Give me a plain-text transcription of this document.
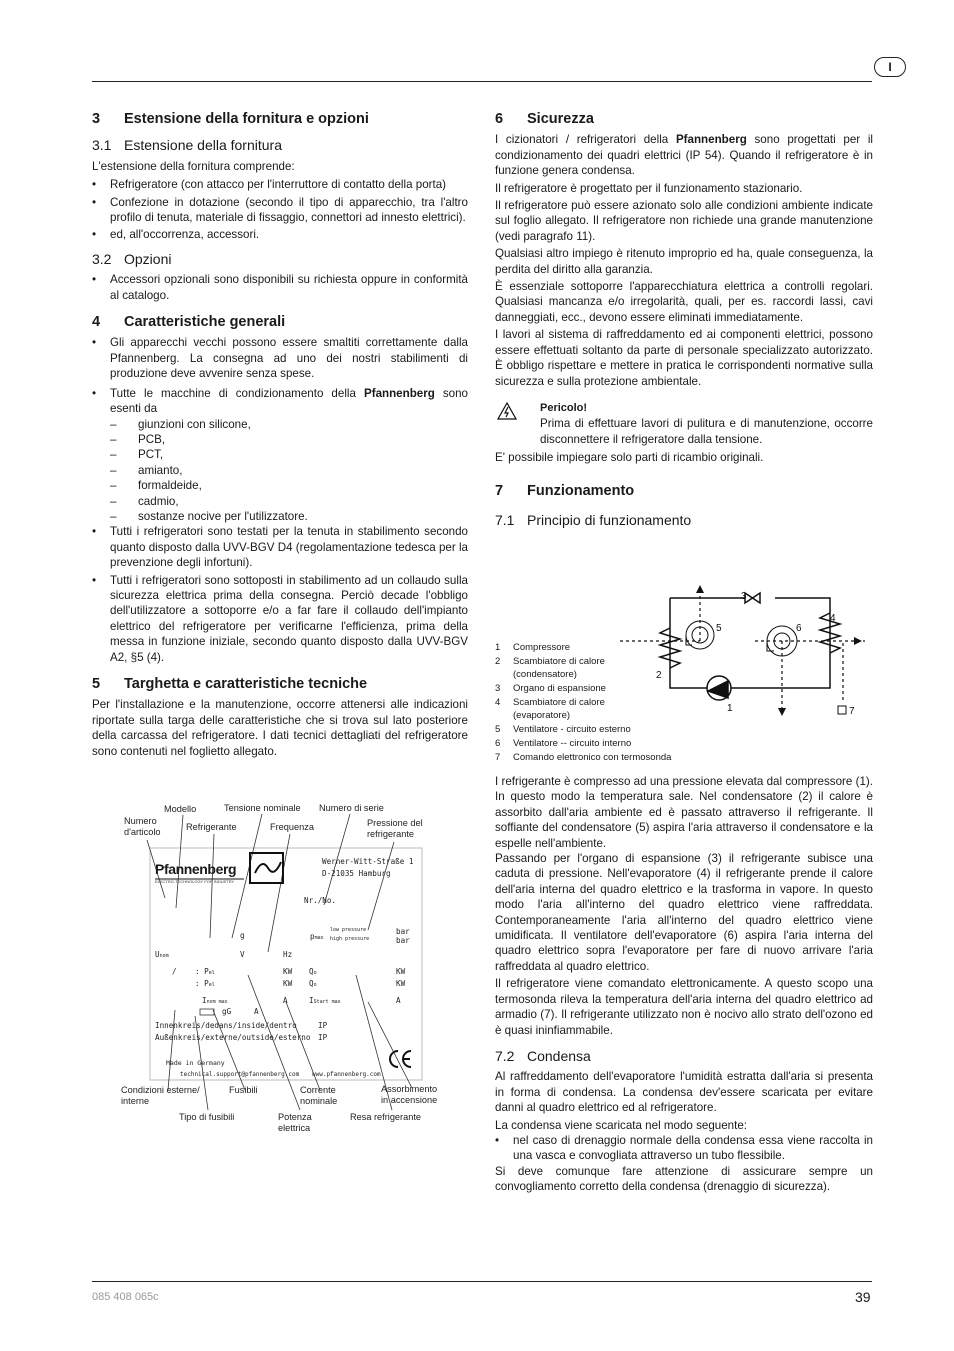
I

3 Estensione della fornitura e opzioni

3.1 Estensione della fornitura

L'estensione della fornitura comprende:

• Refrigeratore (con attacco per l'interruttore di contatto della porta)
• Confezione in dotazione (secondo il tipo di apparecchio, tra l'altro profilo di tenuta, materiale di fissaggio, connettori ad innesto elettrici).
• ed, all'occorrenza, accessori.

3.2 Opzioni

• Accessori opzionali sono disponibili su richiesta oppure in conformità al catalogo.

4 Caratteristiche generali

• Gli apparecchi vecchi possono essere smaltiti correttamente dalla Pfannenberg. La consegna ad uno dei nostri stabilimenti di produzione deve avvenire senza spese.
• Tutte le macchine di condizionamento della Pfannenberg sono esenti da
– giunzioni con silicone,
– PCB,
– PCT,
– amianto,
– formaldeide,
– cadmio,
– sostanze nocive per l'utilizzatore.
• Tutti i refrigeratori sono testati per la tenuta in stabilimento secondo quanto disposto dalla UVV-BGV D4 (regolamentazione tedesca per la prevenzione degli infortuni).
• Tutti i refrigeratori sono sottoposti in stabilimento ad un collaudo sulla sicurezza elettrica prima della consegna. Perciò decade l'obbligo dell'utilizzatore a sottoporre e/o a far fare il collaudo dell'impianto elettrico del refrigeratore per verificarne l'efficienza, prima della messa in funzione iniziale, secondo quanto disposto dalla UVV-BGV A2, §5 (4).

5 Targhetta e caratteristiche tecniche

Per l'installazione e la manutenzione, occorre attenersi alle indicazioni riportate sulla targa delle caratteristiche che si trova sul lato posteriore della carcassa del refrigeratore. I dati tecnici dettagliati del refrigeratore sono contenuti nel foglietto allegato.

Modello	Tensione nominale Numero di serie
Numero
d'articolo	Refrigerante	Frequenza	Pressione del
refrigerante
Pfannenberg
ELECTRO-TECHNOLOGY FOR INDUSTRY
Werner-Witt-Straße 1
D-21035 Hamburg
Nr./No.
g	pmax
low pressure
high pressure
bar
bar
Unom	V	Hz
/ : Pel
: Pel
KW
KW
Qo
Qo
KW
KW
Inom max	A	IStart max	A
gG	A
Innenkreis/dedans/inside/dentro	IP
Außenkreis/externe/outside/esterno IP
Made in Germany
technical.support@pfannenberg.com www.pfannenberg.com
Condizioni esterne/
interne
Fusibili	Corrente
nominale
Assorbimento
in accensione
Tipo di fusibili	Potenza
elettrica
Resa refrigerante

6 Sicurezza

I cizionatori / refrigeratori della Pfannenberg sono progettati per il condizionamento dei quadri elettrici (IP 54). Quando il refrigeratore è in funzione genera condensa.

Il refrigeratore è progettato per il funzionamento stazionario.

Il refrigeratore può essere azionato solo alle condizioni ambiente indicate sul foglio allegato. Il refrigeratore non richiede una grande manutenzione (vedi paragrafo 11).

Qualsiasi altro impiego è ritenuto improprio ed ha, quale conseguenza, la perdita del diritto alla garanzia.

È essenziale sottoporre l'apparecchiatura elettrica a controlli regolari. Qualsiasi mancanza e/o irregolarità, quali, per es. raccordi lassi, cavi danneggiati, ecc., devono essere eliminati immediatamente.

I lavori al sistema di raffreddamento ed ai componenti elettrici, possono essere effettuati soltanto da parte di personale specializzato autorizzato. È obbligo rispettare e mettere in pratica le corrispondenti normative sulla sicurezza e sulla protezione ambientale.

Pericolo!

Prima di effettuare lavori di pulitura e di manutenzione, occorre disconnettere il refrigeratore dalla tensione.

E' possibile impiegare solo parti di ricambio originali.

7 Funzionamento

7.1 Principio di funzionamento

1
2
3
4
5	6
7
1	Compressore
2	Scambiatore di calore
(condensatore)
3	Organo di espansione
4	Scambiatore di calore
(evaporatore)
5	Ventilatore - circuito esterno
6	Ventilatore -- circuito interno
7	Comando elettronico con termosonda

I refrigerante è compresso ad una pressione elevata dal compressore (1). In questo modo la temperatura sale. Nel condensatore (2) il calore è assorbito dall'aria ambiente ed è passato attraverso il refrigerante. Il soffiante del condensatore (5) aspira l'aria attraverso il condensatore e la espelle nell'ambiente.

Passando per l'organo di espansione (3) il refrigerante subisce una caduta di pressione. Nell'evaporatore (4) il refrigerante prende il calore dell'aria interna del quadro elettrico e la trasforma in vapore. In questo modo l'aria all'interno del quadro elettrico viene raffreddata. Contemporaneamente l'aria all'interno del quadro elettrico viene umidificata. Il ventilatore dell'evaporatore (6) aspira l'aria interna del quadro elettrico sopra l'evaporatore per fare di nuovo arrivare l'aria raffreddata al quadro elettrico.

Il refrigeratore viene comandato elettronicamente. A questo scopo una termosonda rileva la temperatura dell'aria interna del quadro elettrico ad armadio (7). Il refrigerante utilizzato non è nocivo allo strato dell'ozono ed è quasi ininfiammabile.

7.2 Condensa

Al raffreddamento dell'evaporatore l'umidità estratta dall'aria si presenta in forma di condensa. La condensa dev'essere scaricata per evitare danni al quadro elettrico ed al refrigeratore.

La condensa viene scaricata nel modo seguente:

• nel caso di drenaggio normale della condensa essa viene raccolta in una vasca e convogliata attraverso un tubo flessibile.

Si deve comunque fare attenzione di assicurare sempre un convogliamento corretto della condensa (drenaggio di sicurezza).

085 408 065c	39
